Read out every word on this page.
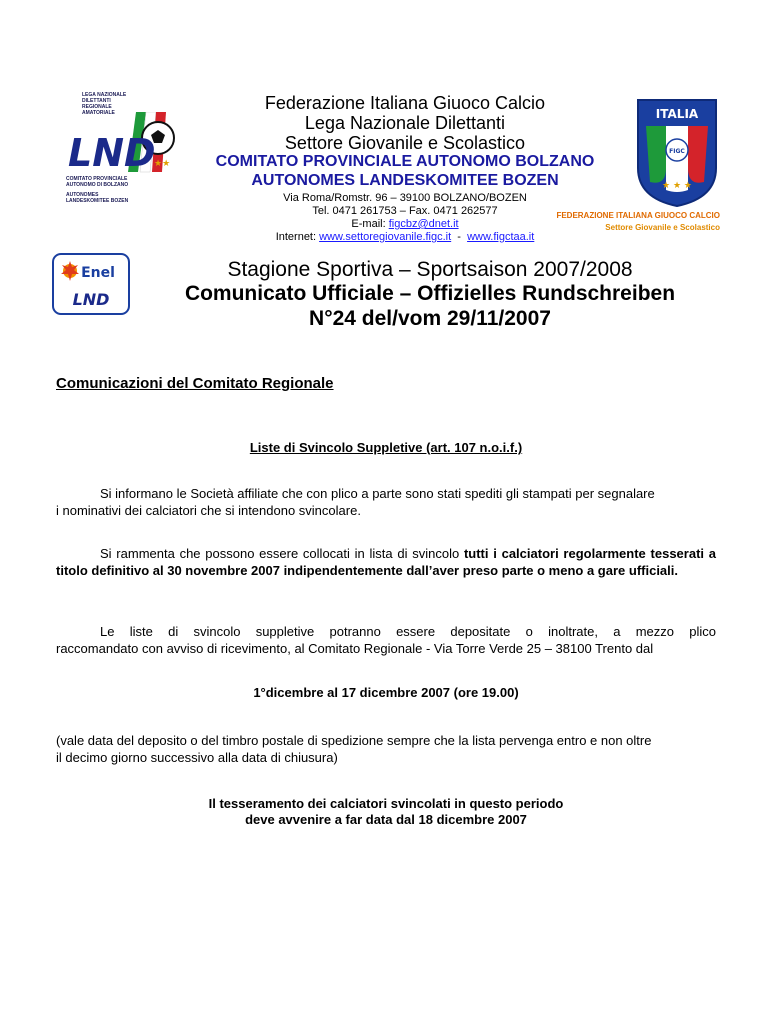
LEGA NAZIONALE
DILETTANTI
REGIONALE
AMATORIALE
★★
LND
COMITATO PROVINCIALE
AUTONOMO DI BOLZANO
AUTONOMES
LANDESKOMITEE BOZEN
ITALIA
FIGC
★ ★ ★
FEDERAZIONE ITALIANA GIUOCO CALCIO
Settore Giovanile e Scolastico
Enel
LND
Federazione Italiana Giuoco Calcio
Lega Nazionale Dilettanti
Settore Giovanile e Scolastico
COMITATO PROVINCIALE AUTONOMO BOLZANO
AUTONOMES LANDESKOMITEE BOZEN
Via Roma/Romstr. 96 – 39100 BOLZANO/BOZEN
Tel. 0471 261753 – Fax. 0471 262577
E-mail: figcbz@dnet.it
Internet: www.settoregiovanile.figc.it  -  www.figctaa.it
Stagione Sportiva – Sportsaison 2007/2008
Comunicato Ufficiale – Offizielles Rundschreiben
N°24 del/vom 29/11/2007
Comunicazioni del Comitato Regionale
Liste di Svincolo Suppletive (art. 107 n.o.i.f.)
Si informano le Società affiliate che con plico a parte sono stati spediti gli stampati per segnalare
i nominativi dei calciatori che si intendono svincolare.
Si rammenta che possono essere collocati in lista di svincolo tutti i calciatori regolarmente tesserati a titolo definitivo al 30 novembre 2007 indipendentemente dall’aver preso parte o meno a gare ufficiali.
Le liste di svincolo suppletive potranno essere depositate o inoltrate, a mezzo plico
raccomandato con avviso di ricevimento, al Comitato Regionale - Via Torre Verde 25 – 38100 Trento dal
1°dicembre al 17 dicembre 2007 (ore 19.00)
(vale data del deposito o del timbro postale di spedizione sempre che la lista pervenga entro e non oltre
il decimo giorno successivo alla data di chiusura)
Il tesseramento dei calciatori svincolati in questo periodo
deve avvenire a far data dal 18 dicembre 2007
